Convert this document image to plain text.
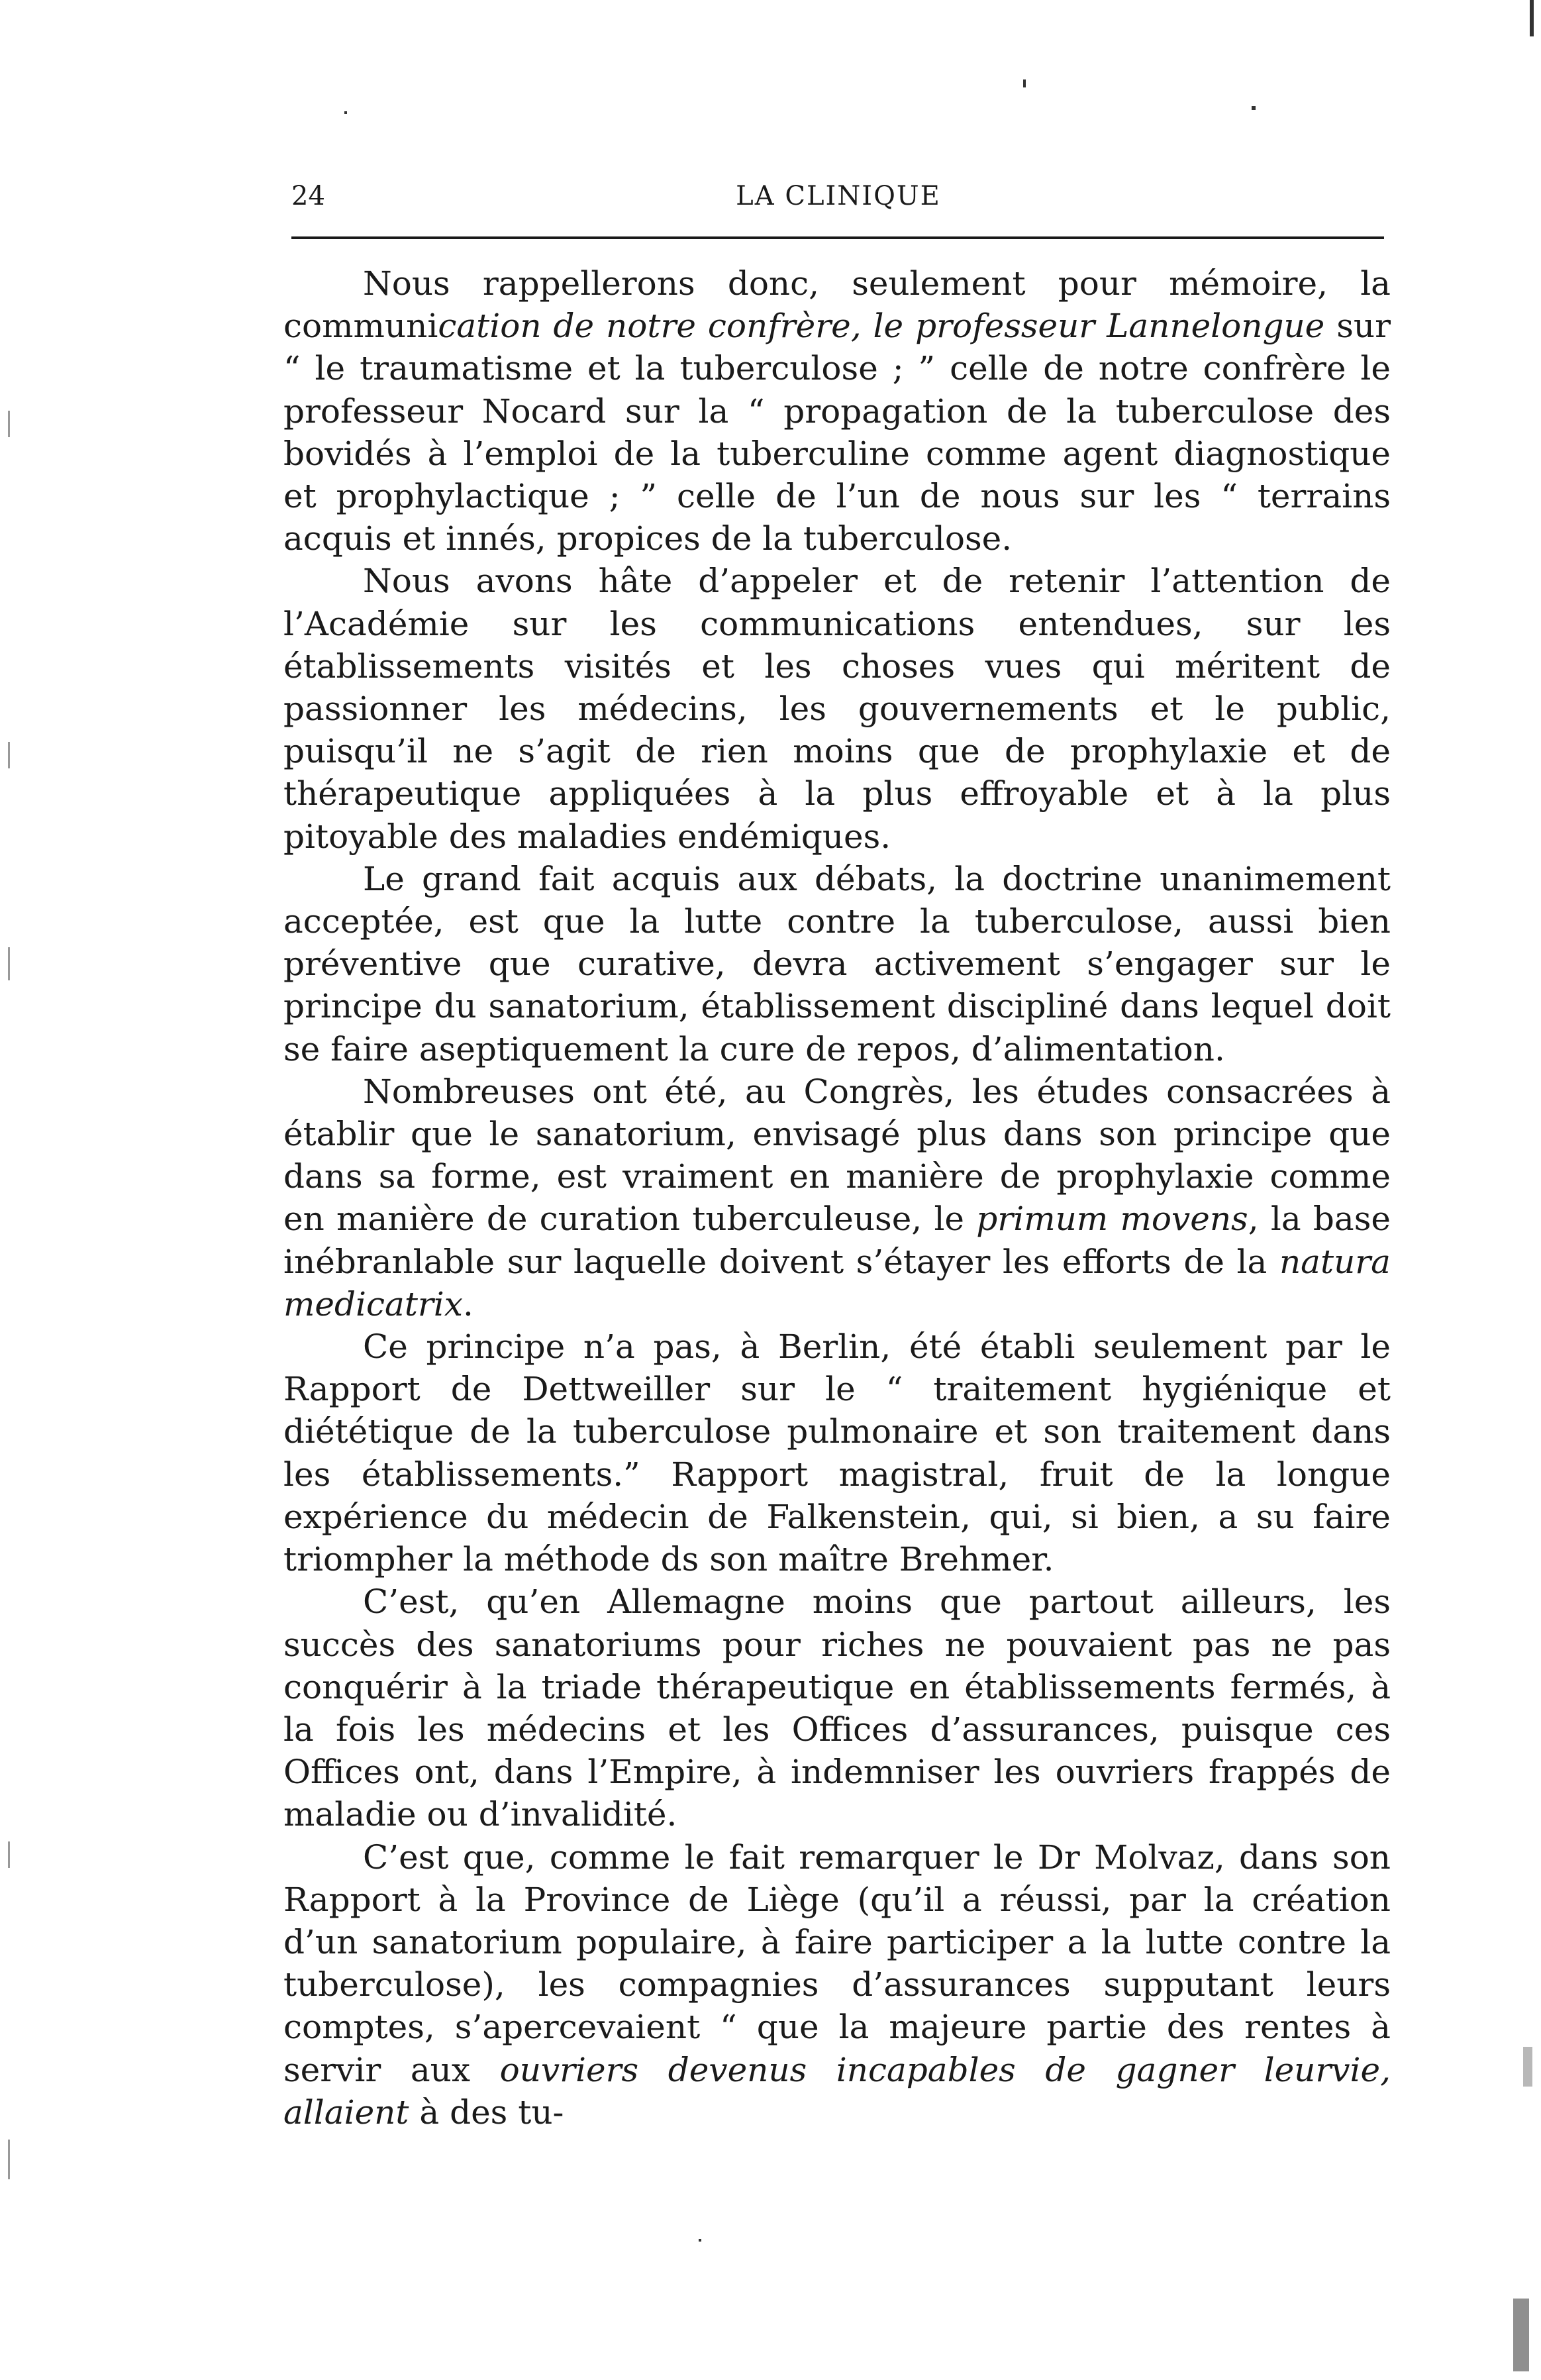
24	LA CLINIQUE

Nous rappellerons donc, seulement pour mémoire, la communication de notre confrère, le professeur Lannelongue sur “ le traumatisme et la tuberculose ; ” celle de notre confrère le professeur Nocard sur la “ propagation de la tuberculose des bovidés à l’emploi de la tuberculine comme agent diagnostique et prophylactique ; ” celle de l’un de nous sur les “ terrains acquis et innés, propices de la tuberculose.

Nous avons hâte d’appeler et de retenir l’attention de l’Académie sur les communications entendues, sur les établissements visités et les choses vues qui méritent de passionner les médecins, les gouvernements et le public, puisqu’il ne s’agit de rien moins que de prophylaxie et de thérapeutique appliquées à la plus effroyable et à la plus pitoyable des maladies endémiques.

Le grand fait acquis aux débats, la doctrine unanimement acceptée, est que la lutte contre la tuberculose, aussi bien préventive que curative, devra activement s’engager sur le principe du sanatorium, établissement discipliné dans lequel doit se faire aseptiquement la cure de repos, d’alimentation.

Nombreuses ont été, au Congrès, les études consacrées à établir que le sanatorium, envisagé plus dans son principe que dans sa forme, est vraiment en manière de prophylaxie comme en manière de curation tuberculeuse, le primum movens, la base inébranlable sur laquelle doivent s’étayer les efforts de la natura medicatrix.

Ce principe n’a pas, à Berlin, été établi seulement par le Rapport de Dettweiller sur le “ traitement hygiénique et diététique de la tuberculose pulmonaire et son traitement dans les établissements.” Rapport magistral, fruit de la longue expérience du médecin de Falkenstein, qui, si bien, a su faire triompher la méthode ds son maître Brehmer.

C’est, qu’en Allemagne moins que partout ailleurs, les succès des sanatoriums pour riches ne pouvaient pas ne pas conquérir à la triade thérapeutique en établissements fermés, à la fois les médecins et les Offices d’assurances, puisque ces Offices ont, dans l’Empire, à indemniser les ouvriers frappés de maladie ou d’invalidité.

C’est que, comme le fait remarquer le Dr Molvaz, dans son Rapport à la Province de Liège (qu’il a réussi, par la création d’un sanatorium populaire, à faire participer a la lutte contre la tuberculose), les compagnies d’assurances supputant leurs comptes, s’apercevaient “ que la majeure partie des rentes à servir aux ouvriers devenus incapables de gagner leurvie, allaient à des tu-
